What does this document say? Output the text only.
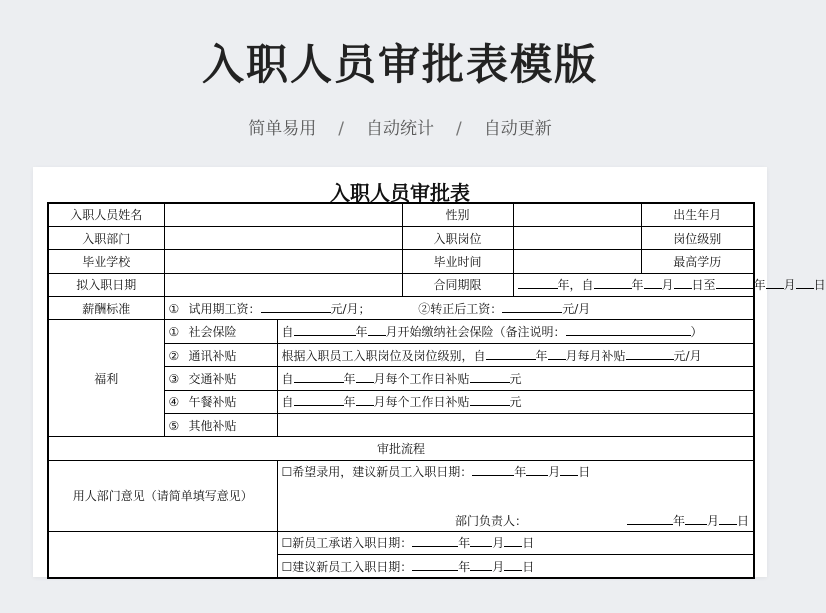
入职人员审批表模版
简单易用 / 自动统计 / 自动更新
入职人员审批表
入职人员姓名			性别		出生年月
入职部门			入职岗位		岗位级别
毕业学校			毕业时间		最高学历
拟入职日期			合同期限	年，自 年 月 日至 年 月 日	
薪酬标准	① 试用期工资： 元/月； ②转正后工资： 元/月				
福利	① 社会保险	自 年 月开始缴纳社会保险（备注说明： ）			
	② 通讯补贴	根据入职员工入职岗位及岗位级别，自 年 月每月补贴 元/月			
	③ 交通补贴	自 年 月每个工作日补贴 元			
	④ 午餐补贴	自 年 月每个工作日补贴 元			
	⑤ 其他补贴				
审批流程					
用人部门意见（请简单填写意见）		☐希望录用，建议新员工入职日期： 年 月 日
部门负责人： 年 月 日			

		☐新员工承诺入职日期： 年 月 日			
		☐建议新员工入职日期： 年 月 日			
